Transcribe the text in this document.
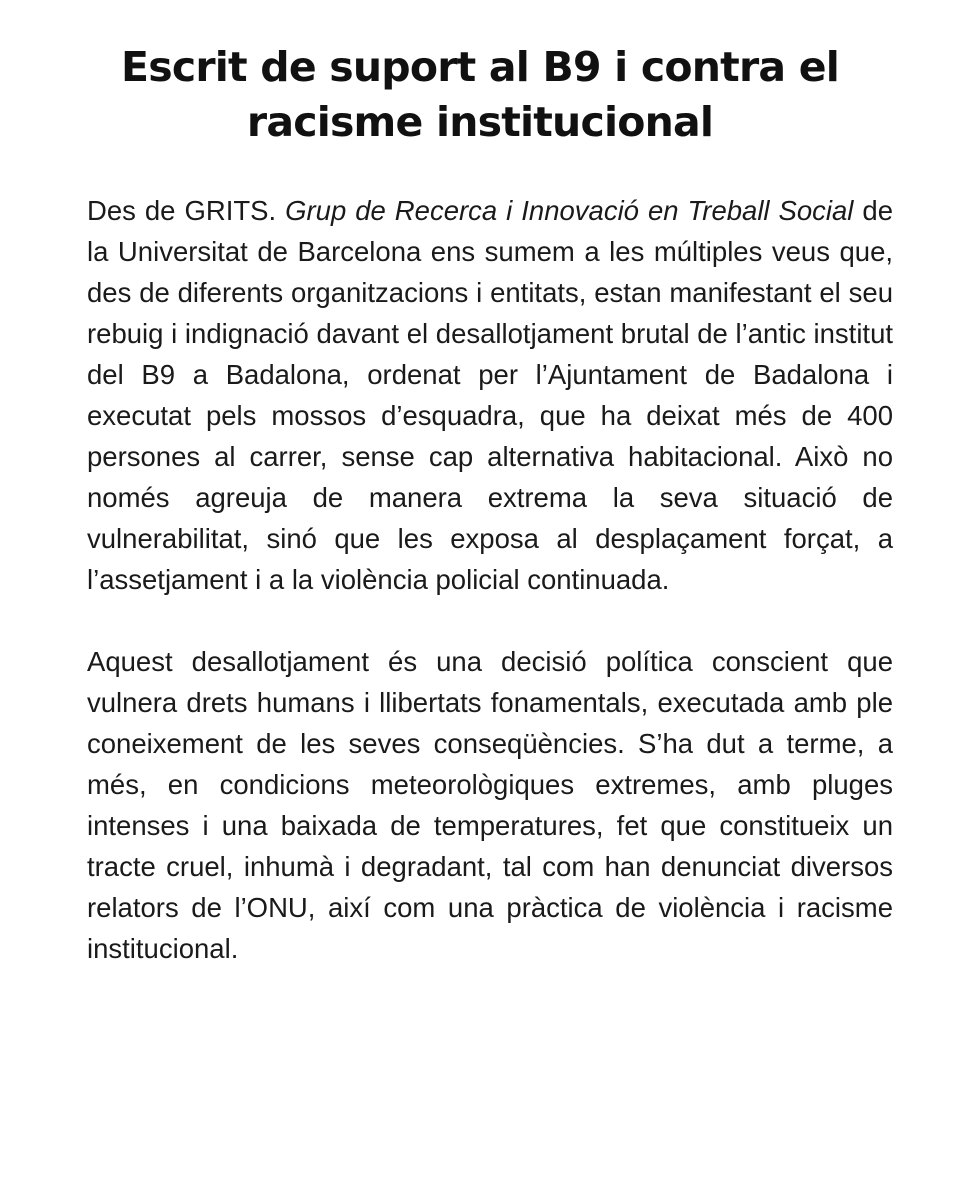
Escrit de suport al B9 i contra el racisme institucional

Des de GRITS. Grup de Recerca i Innovació en Treball Social de la Universitat de Barcelona ens sumem a les múltiples veus que, des de diferents organitzacions i entitats, estan manifestant el seu rebuig i indignació davant el desallotjament brutal de l’antic institut del B9 a Badalona, ordenat per l’Ajuntament de Badalona i executat pels mossos d’esquadra, que ha deixat més de 400 persones al carrer, sense cap alternativa habitacional. Això no només agreuja de manera extrema la seva situació de vulnerabilitat, sinó que les exposa al desplaçament forçat, a l’assetjament i a la violència policial continuada.

Aquest desallotjament és una decisió política conscient que vulnera drets humans i llibertats fonamentals, executada amb ple coneixement de les seves conseqüències. S’ha dut a terme, a més, en condicions meteorològiques extremes, amb pluges intenses i una baixada de temperatures, fet que constitueix un tracte cruel, inhumà i degradant, tal com han denunciat diversos relators de l’ONU, així com una pràctica de violència i racisme institucional.
